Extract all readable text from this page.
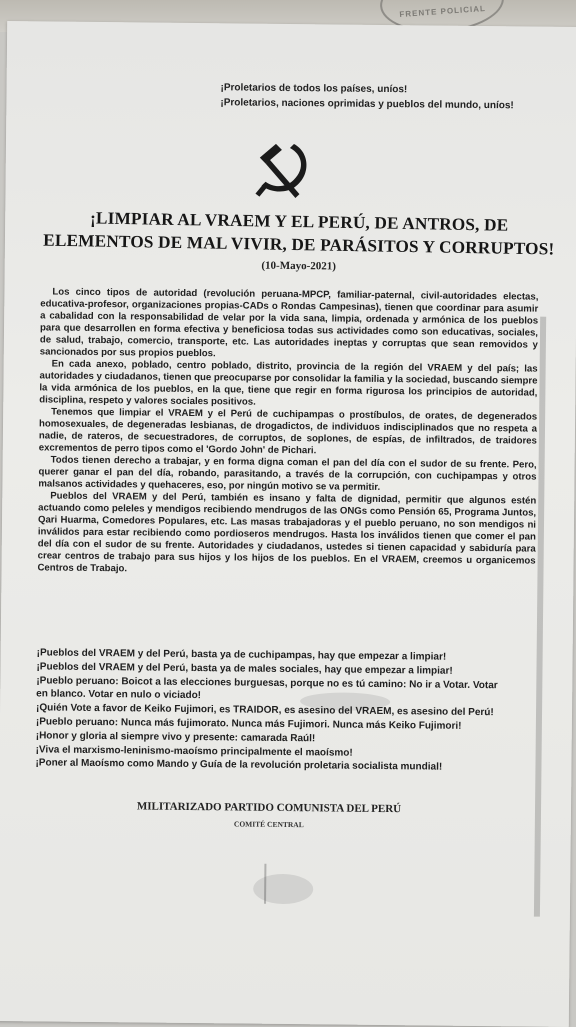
FRENTE POLICIAL
¡Proletarios de todos los países, uníos!
¡Proletarios, naciones oprimidas y pueblos del mundo, uníos!
¡LIMPIAR AL VRAEM Y EL PERÚ, DE ANTROS, DE ELEMENTOS DE MAL VIVIR, DE PARÁSITOS Y CORRUPTOS!
(10-Mayo-2021)

Los cinco tipos de autoridad (revolución peruana-MPCP, familiar-paternal, civil-autoridades electas, educativa-profesor, organizaciones propias-CADs o Rondas Campesinas), tienen que coordinar para asumir a cabalidad con la responsabilidad de velar por la vida sana, limpia, ordenada y armónica de los pueblos para que desarrollen en forma efectiva y beneficiosa todas sus actividades como son educativas, sociales, de salud, trabajo, comercio, transporte, etc. Las autoridades ineptas y corruptas que sean removidos y sancionados por sus propios pueblos.

En cada anexo, poblado, centro poblado, distrito, provincia de la región del VRAEM y del país; las autoridades y ciudadanos, tienen que preocuparse por consolidar la familia y la sociedad, buscando siempre la vida armónica de los pueblos, en la que, tiene que regir en forma rigurosa los principios de autoridad, disciplina, respeto y valores sociales positivos.

Tenemos que limpiar el VRAEM y el Perú de cuchipampas o prostíbulos, de orates, de degenerados homosexuales, de degeneradas lesbianas, de drogadictos, de individuos indisciplinados que no respeta a nadie, de rateros, de secuestradores, de corruptos, de soplones, de espías, de infiltrados, de traidores excrementos de perro tipos como el 'Gordo John' de Pichari.

Todos tienen derecho a trabajar, y en forma digna coman el pan del día con el sudor de su frente. Pero, querer ganar el pan del día, robando, parasitando, a través de la corrupción, con cuchipampas y otros malsanos actividades y quehaceres, eso, por ningún motivo se va permitir.

Pueblos del VRAEM y del Perú, también es insano y falta de dignidad, permitir que algunos estén actuando como peleles y mendigos recibiendo mendrugos de las ONGs como Pensión 65, Programa Juntos, Qari Huarma, Comedores Populares, etc. Las masas trabajadoras y el pueblo peruano, no son mendigos ni inválidos para estar recibiendo como pordioseros mendrugos. Hasta los inválidos tienen que comer el pan del día con el sudor de su frente. Autoridades y ciudadanos, ustedes si tienen capacidad y sabiduría para crear centros de trabajo para sus hijos y los hijos de los pueblos. En el VRAEM, creemos u organicemos Centros de Trabajo.

¡Pueblos del VRAEM y del Perú, basta ya de cuchipampas, hay que empezar a limpiar!
¡Pueblos del VRAEM y del Perú, basta ya de males sociales, hay que empezar a limpiar!
¡Pueblo peruano: Boicot a las elecciones burguesas, porque no es tú camino: No ir a Votar. Votar en blanco. Votar en nulo o viciado!
¡Quién Vote a favor de Keiko Fujimori, es TRAIDOR, es asesino del VRAEM, es asesino del Perú!
¡Pueblo peruano: Nunca más fujimorato. Nunca más Fujimori. Nunca más Keiko Fujimori!
¡Honor y gloria al siempre vivo y presente: camarada Raúl!
¡Viva el marxismo-leninismo-maoísmo principalmente el maoísmo!
¡Poner al Maoísmo como Mando y Guía de la revolución proletaria socialista mundial!
MILITARIZADO PARTIDO COMUNISTA DEL PERÚ
COMITÉ CENTRAL
